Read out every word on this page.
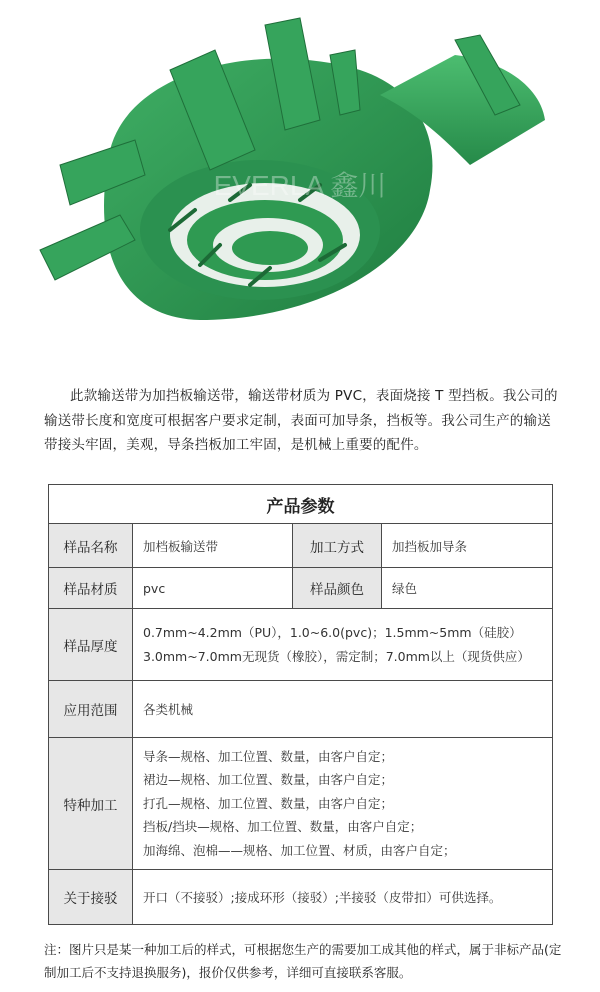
EVERLA 鑫川
此款输送带为加挡板输送带，输送带材质为 PVC，表面烧接 T 型挡板。我公司的输送带长度和宽度可根据客户要求定制，表面可加导条，挡板等。我公司生产的输送带接头牢固，美观，导条挡板加工牢固，是机械上重要的配件。
产品参数			
样品名称	加档板输送带	加工方式	加挡板加导条
样品材质	pvc	样品颜色	绿色
样品厚度	0.7mm~4.2mm（PU），1.0~6.0(pvc)；1.5mm~5mm（硅胶）
3.0mm~7.0mm无现货（橡胶），需定制；7.0mm以上（现货供应）		

应用范围	各类机械		
特种加工	导条—规格、加工位置、数量，由客户自定；
裙边—规格、加工位置、数量，由客户自定；
打孔—规格、加工位置、数量，由客户自定；
挡板/挡块—规格、加工位置、数量，由客户自定；
加海绵、泡棉——规格、加工位置、材质，由客户自定；		

关于接驳	开口（不接驳）;接成环形（接驳）;半接驳（皮带扣）可供选择。		
注：图片只是某一种加工后的样式，可根据您生产的需要加工成其他的样式，属于非标产品(定制加工后不支持退换服务)，报价仅供参考，详细可直接联系客服。
